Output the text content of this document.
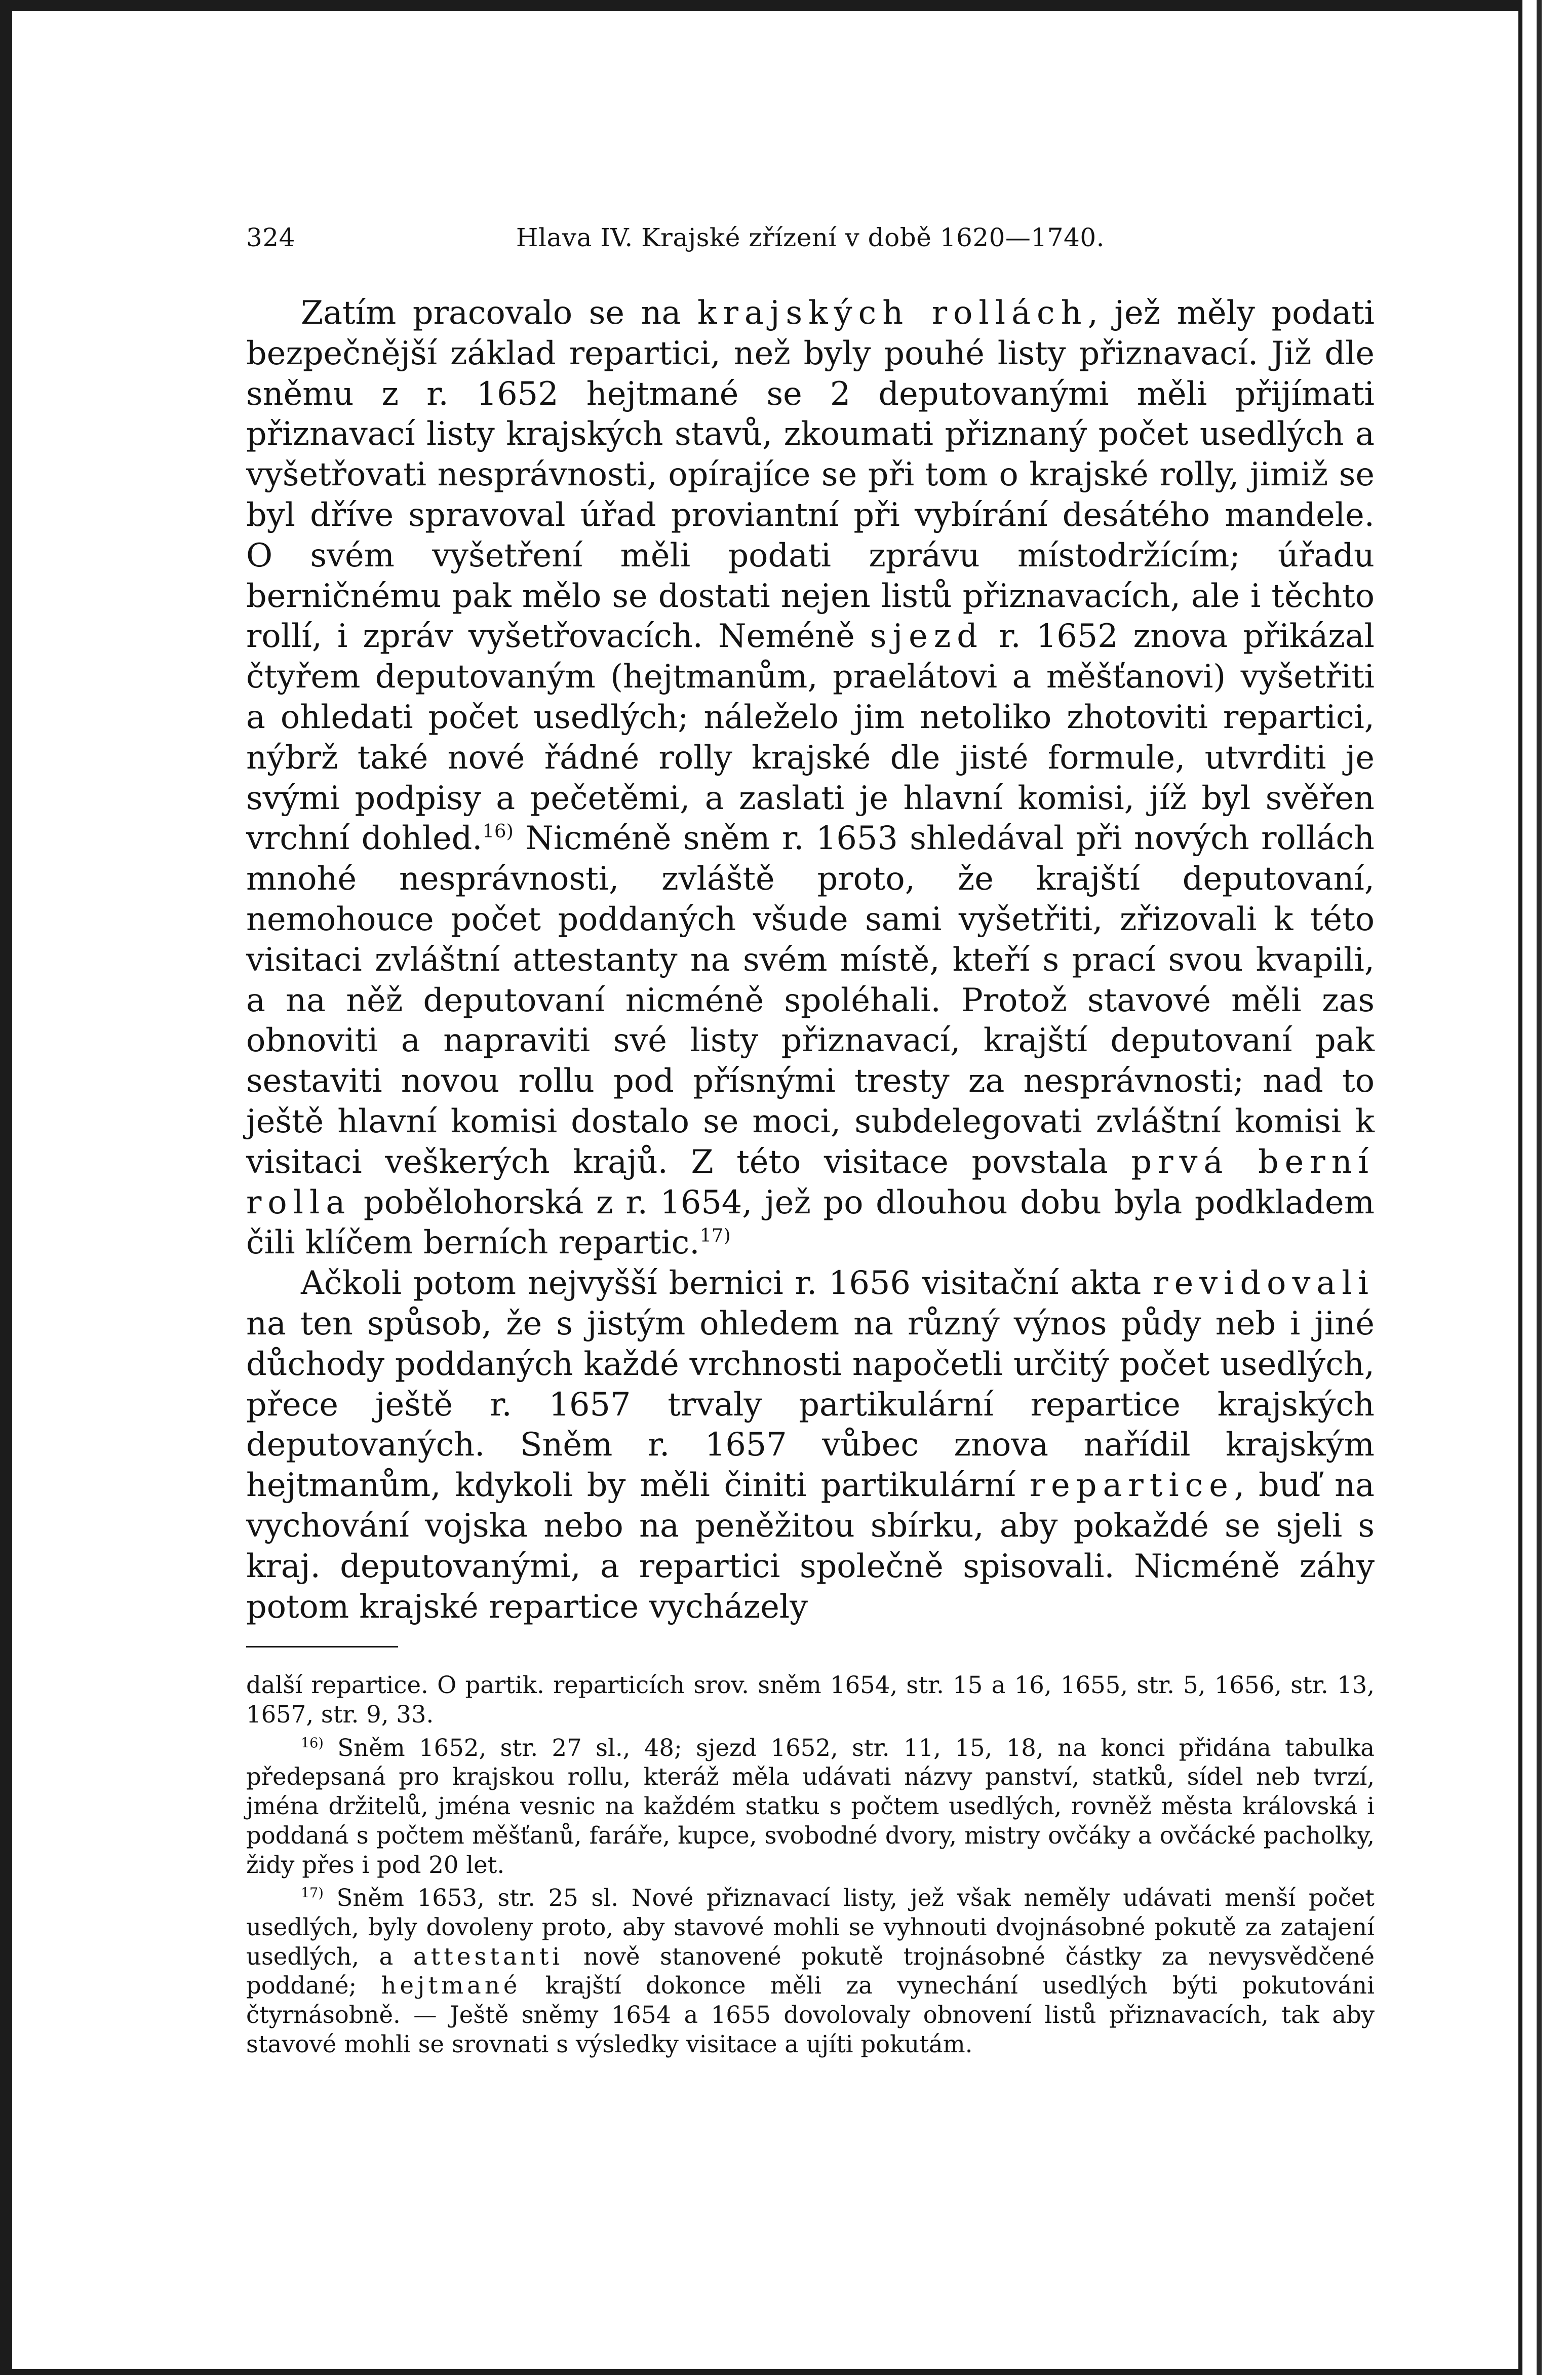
324	Hlava IV. Krajské zřízení v době 1620—1740.

Zatím pracovalo se na krajských rollách, jež měly podati bezpečnější základ repartici, než byly pouhé listy přiznavací. Již dle sněmu z r. 1652 hejtmané se 2 deputovanými měli přijímati přiznavací listy krajských stavů, zkoumati přiznaný počet usedlých a vyšetřovati nesprávnosti, opírajíce se při tom o krajské rolly, jimiž se byl dříve spravoval úřad proviantní při vybírání desátého mandele. O svém vyšetření měli podati zprávu místodržícím; úřadu berničnému pak mělo se dostati nejen listů přiznavacích, ale i těchto rollí, i zpráv vyšetřovacích. Neméně sjezd r. 1652 znova přikázal čtyřem deputovaným (hejtmanům, praelátovi a měšťanovi) vyšetřiti a ohledati počet usedlých; náleželo jim netoliko zhotoviti repartici, nýbrž také nové řádné rolly krajské dle jisté formule, utvrditi je svými podpisy a pečetěmi, a zaslati je hlavní komisi, jíž byl svěřen vrchní dohled.$^{16)}$ Nicméně sněm r. 1653 shledával při nových rollách mnohé nesprávnosti, zvláště proto, že krajští deputovaní, nemohouce počet poddaných všude sami vyšetřiti, zřizovali k této visitaci zvláštní attestanty na svém místě, kteří s prací svou kvapili, a na něž deputovaní nicméně spoléhali. Protož stavové měli zas obnoviti a napraviti své listy přiznavací, krajští deputovaní pak sestaviti novou rollu pod přísnými tresty za nesprávnosti; nad to ještě hlavní komisi dostalo se moci, subdelegovati zvláštní komisi k visitaci veškerých krajů. Z této visitace povstala prvá berní rolla pobělohorská z r. 1654, jež po dlouhou dobu byla podkladem čili klíčem berních repartic.$^{17)}$

Ačkoli potom nejvyšší bernici r. 1656 visitační akta revidovali na ten spůsob, že s jistým ohledem na různý výnos půdy neb i jiné důchody poddaných každé vrchnosti napočetli určitý počet usedlých, přece ještě r. 1657 trvaly partikulární repartice krajských deputovaných. Sněm r. 1657 vůbec znova nařídil krajským hejtmanům, kdykoli by měli činiti partikulární repartice, buď na vychování vojska nebo na peněžitou sbírku, aby pokaždé se sjeli s kraj. deputovanými, a repartici společně spisovali. Nicméně záhy potom krajské repartice vycházely

další repartice. O partik. reparticích srov. sněm 1654, str. 15 a 16, 1655, str. 5, 1656, str. 13, 1657, str. 9, 33.

$^{16)}$ Sněm 1652, str. 27 sl., 48; sjezd 1652, str. 11, 15, 18, na konci přidána tabulka předepsaná pro krajskou rollu, kteráž měla udávati názvy panství, statků, sídel neb tvrzí, jména držitelů, jména vesnic na každém statku s počtem usedlých, rovněž města královská i poddaná s počtem měšťanů, faráře, kupce, svobodné dvory, mistry ovčáky a ovčácké pacholky, židy přes i pod 20 let.

$^{17)}$ Sněm 1653, str. 25 sl. Nové přiznavací listy, jež však neměly udávati menší počet usedlých, byly dovoleny proto, aby stavové mohli se vyhnouti dvojnásobné pokutě za zatajení usedlých, a attestanti nově stanovené pokutě trojnásobné částky za nevysvědčené poddané; hejtmané krajští dokonce měli za vynechání usedlých býti pokutováni čtyrnásobně. — Ještě sněmy 1654 a 1655 dovolovaly obnovení listů přiznavacích, tak aby stavové mohli se srovnati s výsledky visitace a ujíti pokutám.
